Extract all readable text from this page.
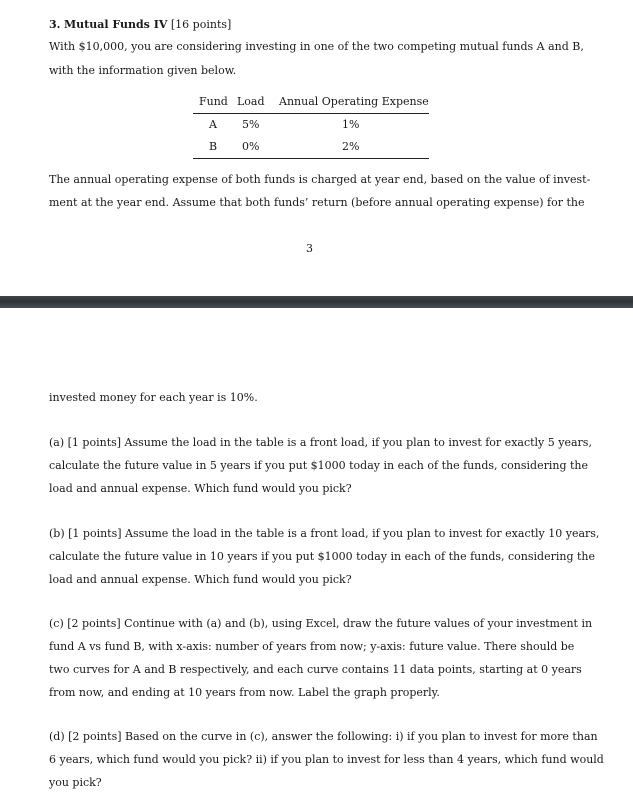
3. Mutual Funds IV [16 points]
With $10,000, you are considering investing in one of the two competing mutual funds A and B,
with the information given below.
Fund Load Annual Operating Expense
A 5%	1%
B 0%	2%
The annual operating expense of both funds is charged at year end, based on the value of invest-
ment at the year end. Assume that both funds’ return (before annual operating expense) for the
3
invested money for each year is 10%.
(a) [1 points] Assume the load in the table is a front load, if you plan to invest for exactly 5 years,
calculate the future value in 5 years if you put $1000 today in each of the funds, considering the
load and annual expense. Which fund would you pick?
(b) [1 points] Assume the load in the table is a front load, if you plan to invest for exactly 10 years,
calculate the future value in 10 years if you put $1000 today in each of the funds, considering the
load and annual expense. Which fund would you pick?
(c) [2 points] Continue with (a) and (b), using Excel, draw the future values of your investment in
fund A vs fund B, with x-axis: number of years from now; y-axis: future value. There should be
two curves for A and B respectively, and each curve contains 11 data points, starting at 0 years
from now, and ending at 10 years from now. Label the graph properly.
(d) [2 points] Based on the curve in (c), answer the following: i) if you plan to invest for more than
6 years, which fund would you pick? ii) if you plan to invest for less than 4 years, which fund would
you pick?
